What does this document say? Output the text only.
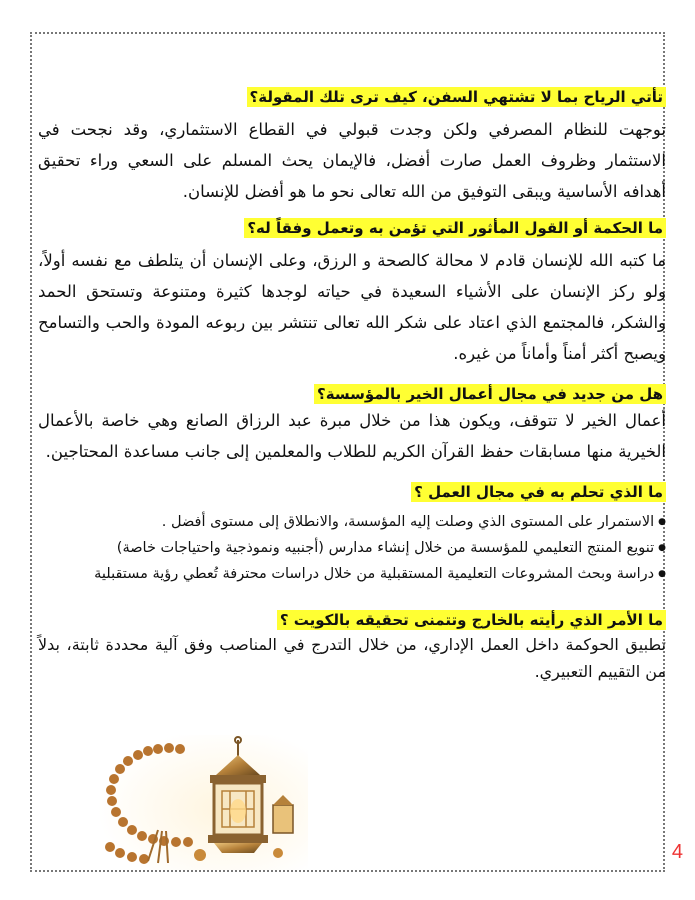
تأتي الرياح بما لا تشتهي السفن، كيف ترى تلك المقولة؟

توجهت للنظام المصرفي ولكن وجدت قبولي في القطاع الاستثماري، وقد نجحت في الاستثمار وظروف العمل صارت أفضل، فالإيمان يحث المسلم على السعي وراء تحقيق أهدافه الأساسية ويبقى التوفيق من الله تعالى نحو ما هو أفضل للإنسان.

ما الحكمة أو القول المأثور التي تؤمن به وتعمل وفقاً له؟

ما كتبه الله للإنسان قادم لا محالة كالصحة و الرزق، وعلى الإنسان أن يتلطف مع نفسه أولاً، ولو ركز الإنسان على الأشياء السعيدة في حياته لوجدها كثيرة ومتنوعة وتستحق الحمد والشكر، فالمجتمع الذي اعتاد على شكر الله تعالى تنتشر بين ربوعه المودة والحب والتسامح ويصبح أكثر أمناً وأماناً من غيره.

هل من جديد في مجال أعمال الخير بالمؤسسة؟

أعمال الخير لا تتوقف، ويكون هذا من خلال مبرة عبد الرزاق الصانع وهي خاصة بالأعمال الخيرية منها مسابقات حفظ القرآن الكريم للطلاب والمعلمين إلى جانب مساعدة المحتاجين.

ما الذي تحلم به في مجال العمل ؟

● الاستمرار على المستوى الذي وصلت إليه المؤسسة، والانطلاق إلى مستوى أفضل .
● تنويع المنتج التعليمي للمؤسسة من خلال إنشاء مدارس (أجنبيه ونموذجية واحتياجات خاصة)
● دراسة وبحث المشروعات التعليمية المستقبلية من خلال دراسات محترفة تُعطي رؤية مستقبلية

ما الأمر الذي رأيته بالخارج وتتمنى تحقيقه بالكويت ؟

تطبيق الحوكمة داخل العمل الإداري، من خلال التدرج في المناصب وفق آلية محددة ثابتة، بدلاً من التقييم التعبيري.

4
